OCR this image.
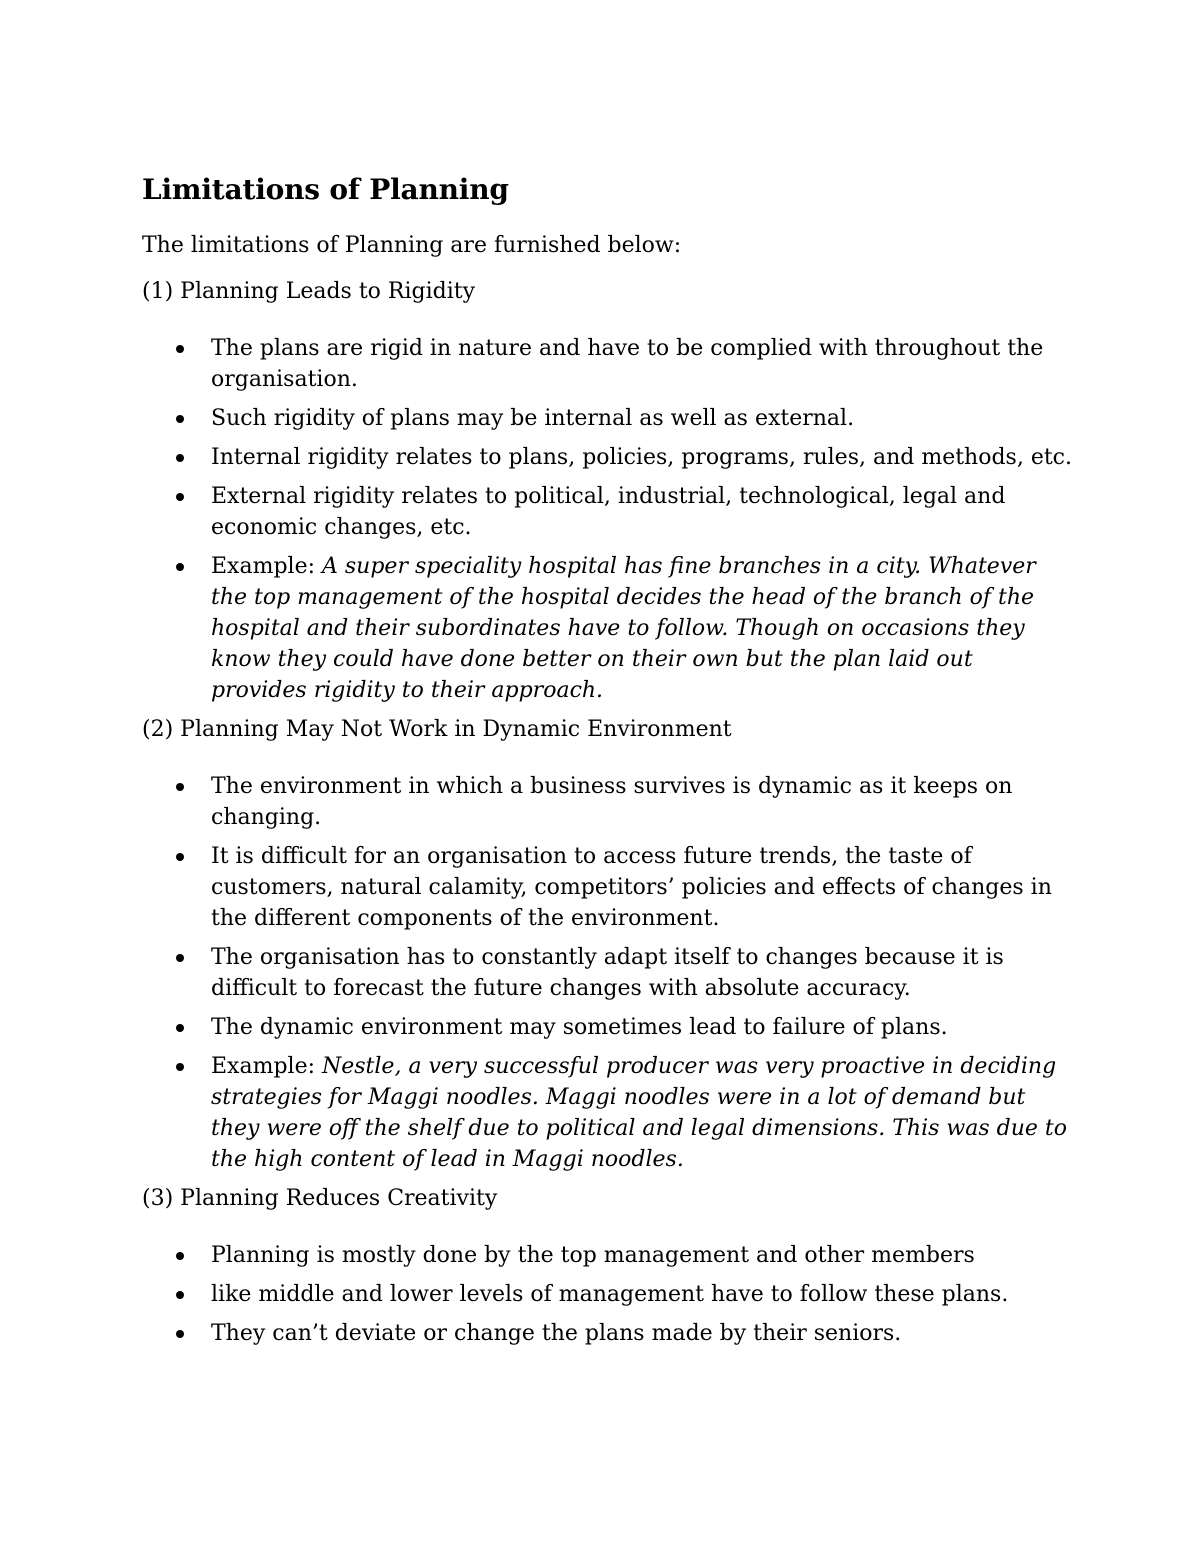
Limitations of Planning

The limitations of Planning are furnished below:

(1) Planning Leads to Rigidity

The plans are rigid in nature and have to be complied with throughout the organisation.
Such rigidity of plans may be internal as well as external.
Internal rigidity relates to plans, policies, programs, rules, and methods, etc.
External rigidity relates to political, industrial, technological, legal and economic changes, etc.
Example: A super speciality hospital has fine branches in a city. Whatever the top management of the hospital decides the head of the branch of the hospital and their subordinates have to follow. Though on occasions they know they could have done better on their own but the plan laid out provides rigidity to their approach.

(2) Planning May Not Work in Dynamic Environment

The environment in which a business survives is dynamic as it keeps on changing.
It is difficult for an organisation to access future trends, the taste of customers, natural calamity, competitors’ policies and effects of changes in the different components of the environment.
The organisation has to constantly adapt itself to changes because it is difficult to forecast the future changes with absolute accuracy.
The dynamic environment may sometimes lead to failure of plans.
Example: Nestle, a very successful producer was very proactive in deciding strategies for Maggi noodles. Maggi noodles were in a lot of demand but they were off the shelf due to political and legal dimensions. This was due to the high content of lead in Maggi noodles.

(3) Planning Reduces Creativity

Planning is mostly done by the top management and other members
like middle and lower levels of management have to follow these plans.
They can’t deviate or change the plans made by their seniors.
